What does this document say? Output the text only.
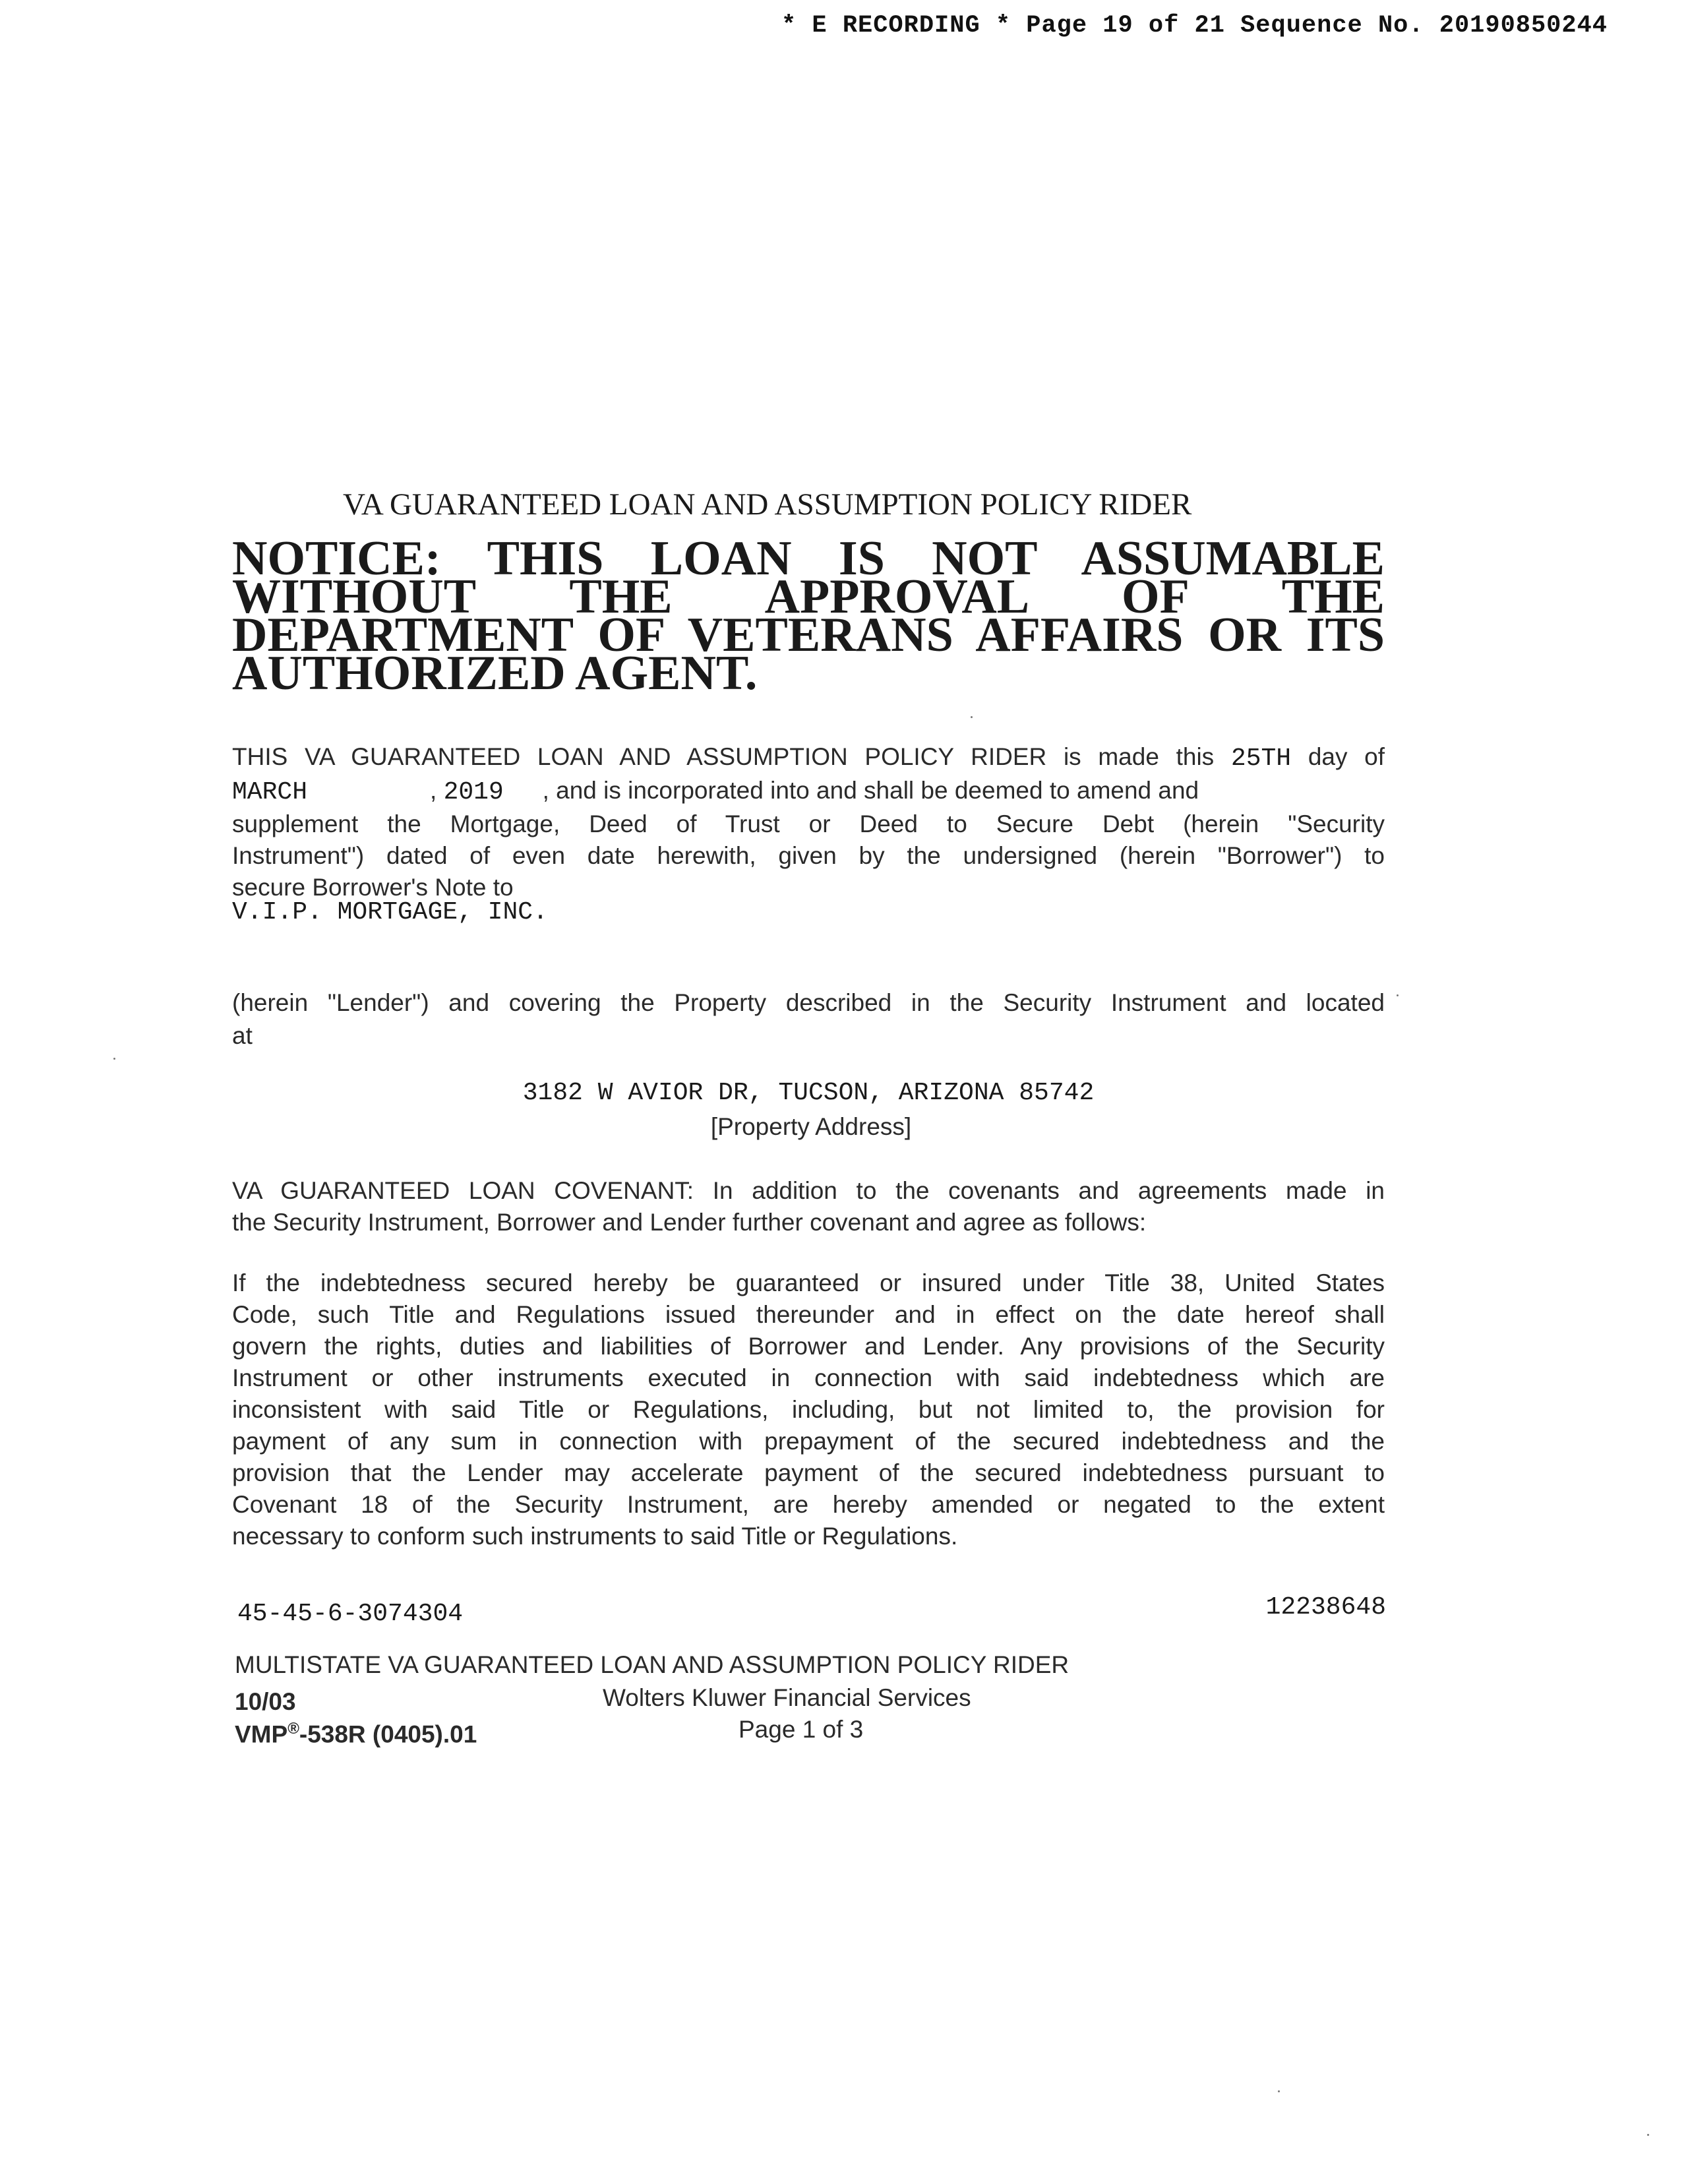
* E RECORDING * Page 19 of 21 Sequence No. 20190850244
VA GUARANTEED LOAN AND ASSUMPTION POLICY RIDER
NOTICE: THIS LOAN IS NOT ASSUMABLE WITHOUT THE APPROVAL OF THE DEPARTMENT OF VETERANS AFFAIRS OR ITS AUTHORIZED AGENT.
THIS VA GUARANTEED LOAN AND ASSUMPTION POLICY RIDER is made this 25TH day of
MARCH	, 2019 , and is incorporated into and shall be deemed to amend and
supplement the Mortgage, Deed of Trust or Deed to Secure Debt (herein "Security
Instrument") dated of even date herewith, given by the undersigned (herein "Borrower") to
secure Borrower's Note to
V.I.P. MORTGAGE, INC.
(herein "Lender") and covering the Property described in the Security Instrument and located
at
3182 W AVIOR DR, TUCSON, ARIZONA 85742
[Property Address]
VA GUARANTEED LOAN COVENANT: In addition to the covenants and agreements made in
the Security Instrument, Borrower and Lender further covenant and agree as follows:
If the indebtedness secured hereby be guaranteed or insured under Title 38, United States
Code, such Title and Regulations issued thereunder and in effect on the date hereof shall
govern the rights, duties and liabilities of Borrower and Lender. Any provisions of the Security
Instrument or other instruments executed in connection with said indebtedness which are
inconsistent with said Title or Regulations, including, but not limited to, the provision for
payment of any sum in connection with prepayment of the secured indebtedness and the
provision that the Lender may accelerate payment of the secured indebtedness pursuant to
Covenant 18 of the Security Instrument, are hereby amended or negated to the extent
necessary to conform such instruments to said Title or Regulations.
45-45-6-3074304	12238648
MULTISTATE VA GUARANTEED LOAN AND ASSUMPTION POLICY RIDER
10/03	Wolters Kluwer Financial Services
VMP®-538R (0405).01	Page 1 of 3
